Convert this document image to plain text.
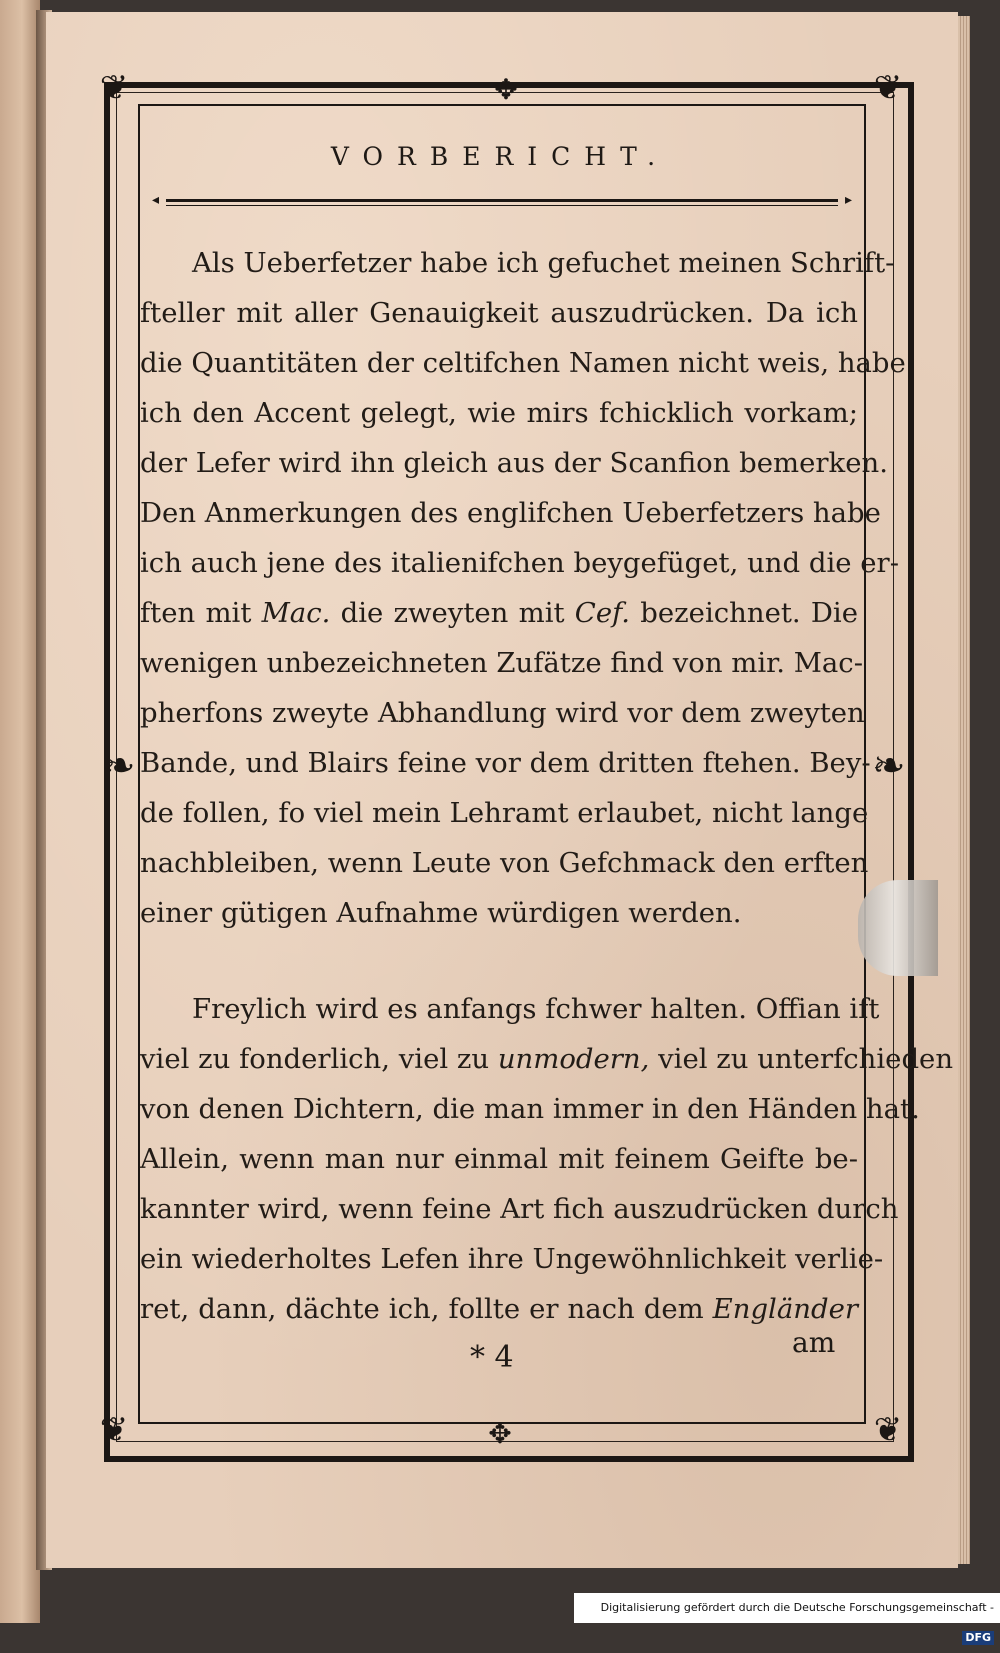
❦	❦
❦	❦
❧	❧
✥
✥
VORBERICHT.
◂	▸
Als Ueberfetzer habe ich gefuchet meinen Schrift-
fteller mit aller Genauigkeit auszudrücken. Da ich
die Quantitäten der celtifchen Namen nicht weis, habe
ich den Accent gelegt, wie mirs fchicklich vorkam;
der Lefer wird ihn gleich aus der Scanfion bemerken.
Den Anmerkungen des englifchen Ueberfetzers habe
ich auch jene des italienifchen beygefüget, und die er-
ften mit Mac. die zweyten mit Cef. bezeichnet. Die
wenigen unbezeichneten Zufätze find von mir. Mac-
pherfons zweyte Abhandlung wird vor dem zweyten
Bande, und Blairs feine vor dem dritten ftehen. Bey-
de follen, fo viel mein Lehramt erlaubet, nicht lange
nachbleiben, wenn Leute von Gefchmack den erften
einer gütigen Aufnahme würdigen werden.
Freylich wird es anfangs fchwer halten. Offian ift
viel zu fonderlich, viel zu unmodern, viel zu unterfchieden
von denen Dichtern, die man immer in den Händen hat.
Allein, wenn man nur einmal mit feinem Geifte be-
kannter wird, wenn feine Art fich auszudrücken durch
ein wiederholtes Lefen ihre Ungewöhnlichkeit verlie-
ret, dann, dächte ich, follte er nach dem Engländer
* 4	am
Digitalisierung gefördert durch die Deutsche Forschungsgemeinschaft -DFG
